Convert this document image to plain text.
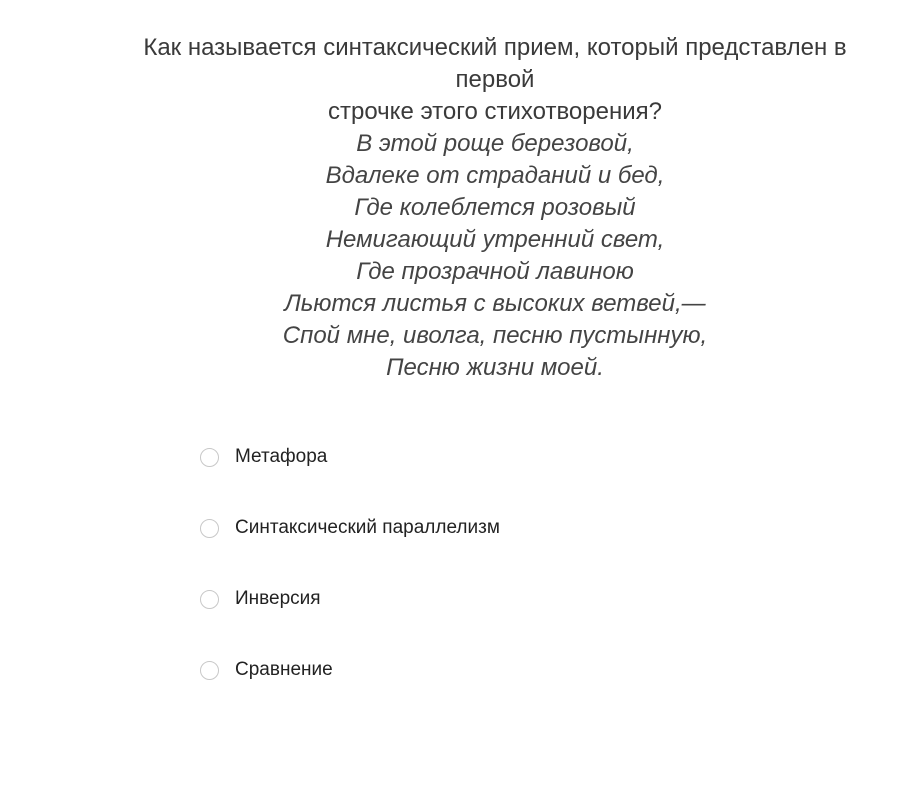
Как называется синтаксический прием, который представлен в
первой
строчке этого стихотворения?
В этой роще березовой,
Вдалеке от страданий и бед,
Где колеблется розовый
Немигающий утренний свет,
Где прозрачной лавиною
Льются листья с высоких ветвей,—
Спой мне, иволга, песню пустынную,
Песню жизни моей.
Метафора
Синтаксический параллелизм
Инверсия
Сравнение
